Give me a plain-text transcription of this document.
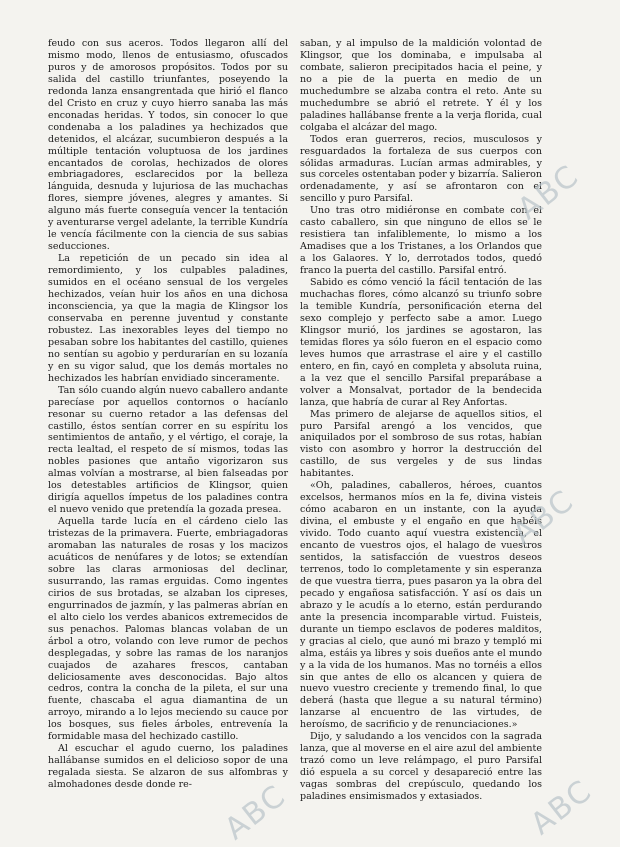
feudo con sus aceros. Todos llegaron allí del mismo modo, llenos de entusiasmo, ofuscados puros y de amorosos propósitos. Todos por su salida del castillo triunfantes, poseyendo la redonda lanza ensangrentada que hirió el flanco del Cristo en cruz y cuyo hierro sanaba las más enconadas heridas. Y todos, sin conocer lo que condenaba a los paladines ya hechizados que detenidos, el alcázar, sucumbieron después a la múltiple tentación voluptuosa de los jardines encantados de corolas, hechizados de olores embriagadores, esclarecidos por la belleza lánguida, desnuda y lujuriosa de las muchachas flores, siempre jóvenes, alegres y amantes. Si alguno más fuerte conseguía vencer la tentación y aventurarse vergel adelante, la terrible Kundría le vencía fácilmente con la ciencia de sus sabias seducciones.

La repetición de un pecado sin idea al remordimiento, y los culpables paladines, sumidos en el océano sensual de los vergeles hechizados, veían huir los años en una dichosa inconsciencia, ya que la magia de Klingsor los conservaba en perenne juventud y constante robustez. Las inexorables leyes del tiempo no pesaban sobre los habitantes del castillo, quienes no sentían su agobio y perdurarían en su lozanía y en su vigor salud, que los demás mortales no hechizados les habrían envidiado sinceramente.

Tan sólo cuando algún nuevo caballero andante parecíase por aquellos contornos o hacíanlo resonar su cuerno retador a las defensas del castillo, éstos sentían correr en su espíritu los sentimientos de antaño, y el vértigo, el coraje, la recta lealtad, el respeto de sí mismos, todas las nobles pasiones que antaño vigorizaron sus almas volvían a mostrarse, al bien falseadas por los detestables artificios de Klingsor, quien dirigía aquellos ímpetus de los paladines contra el nuevo venido que pretendía la gozada presea.

Aquella tarde lucía en el cárdeno cielo las tristezas de la primavera. Fuerte, embriagadoras aromaban las naturales de rosas y los macizos acuáticos de nenúfares y de lotos; se extendían sobre las claras armoniosas del declinar, susurrando, las ramas erguidas. Como ingentes cirios de sus brotadas, se alzaban los cipreses, engurrinados de jazmín, y las palmeras abrían en el alto cielo los verdes abanicos extremecidos de sus penachos. Palomas blancas volaban de un árbol a otro, volando con leve rumor de pechos desplegadas, y sobre las ramas de los naranjos cuajados de azahares frescos, cantaban deliciosamente aves desconocidas. Bajo altos cedros, contra la concha de la pileta, el sur una fuente, chascaba el agua diamantina de un arroyo, mirando a lo lejos meciendo su cauce por los bosques, sus fieles árboles, entrevenía la formidable masa del hechizado castillo.

Al escuchar el agudo cuerno, los paladines hallábanse sumidos en el delicioso sopor de una regalada siesta. Se alzaron de sus alfombras y almohadones desde donde re-

saban, y al impulso de la maldición volontad de Klingsor, que los dominaba, e impulsaba al combate, salieron precipitados hacia el peine, y no a pie de la puerta en medio de un muchedumbre se alzaba contra el reto. Ante su muchedumbre se abrió el retrete. Y él y los paladines hallábanse frente a la verja florida, cual colgaba el alcázar del mago.

Todos eran guerreros, recios, musculosos y resguardados la fortaleza de sus cuerpos con sólidas armaduras. Lucían armas admirables, y sus corceles ostentaban poder y bizarría. Salieron ordenadamente, y así se afrontaron con el sencillo y puro Parsifal.

Uno tras otro midiéronse en combate con el casto caballero, sin que ninguno de ellos se le resistiera tan infaliblemente, lo mismo a los Amadises que a los Tristanes, a los Orlandos que a los Galaores. Y lo, derrotados todos, quedó franco la puerta del castillo. Parsifal entró.

Sabido es cómo venció la fácil tentación de las muchachas flores, cómo alcanzó su triunfo sobre la temible Kundría, personificación eterna del sexo complejo y perfecto sabe a amor. Luego Klingsor murió, los jardines se agostaron, las temidas flores ya sólo fueron en el espacio como leves humos que arrastrase el aire y el castillo entero, en fin, cayó en completa y absoluta ruina, a la vez que el sencillo Parsifal preparábase a volver a Monsalvat, portador de la bendecida lanza, que habría de curar al Rey Anfortas.

Mas primero de alejarse de aquellos sitios, el puro Parsifal arengó a los vencidos, que aniquilados por el sombroso de sus rotas, habían visto con asombro y horror la destrucción del castillo, de sus vergeles y de sus lindas habitantes.

«Oh, paladines, caballeros, héroes, cuantos excelsos, hermanos míos en la fe, divina visteis cómo acabaron en un instante, con la ayuda divina, el embuste y el engaño en que habéis vivido. Todo cuanto aquí vuestra existencia, el encanto de vuestros ojos, el halago de vuestros sentidos, la satisfacción de vuestros deseos terrenos, todo lo completamente y sin esperanza de que vuestra tierra, pues pasaron ya la obra del pecado y engañosa satisfacción. Y así os dais un abrazo y le acudís a lo eterno, están perdurando ante la presencia incomparable virtud. Fuisteis, durante un tiempo esclavos de poderes malditos, y gracias al cielo, que aunó mi brazo y templó mi alma, estáis ya libres y sois dueños ante el mundo y a la vida de los humanos. Mas no tornéis a ellos sin que antes de ello os alcancen y quiera de nuevo vuestro creciente y tremendo final, lo que deberá (hasta que llegue a su natural término) lanzarse al encuentro de las virtudes, de heroísmo, de sacrificio y de renunciaciones.»

Dijo, y saludando a los vencidos con la sagrada lanza, que al moverse en el aire azul del ambiente trazó como un leve relámpago, el puro Parsifal dió espuela a su corcel y desapareció entre las vagas sombras del crepúsculo, quedando los paladines ensimismados y extasiados.

ABC
ABC
ABC	ABC
